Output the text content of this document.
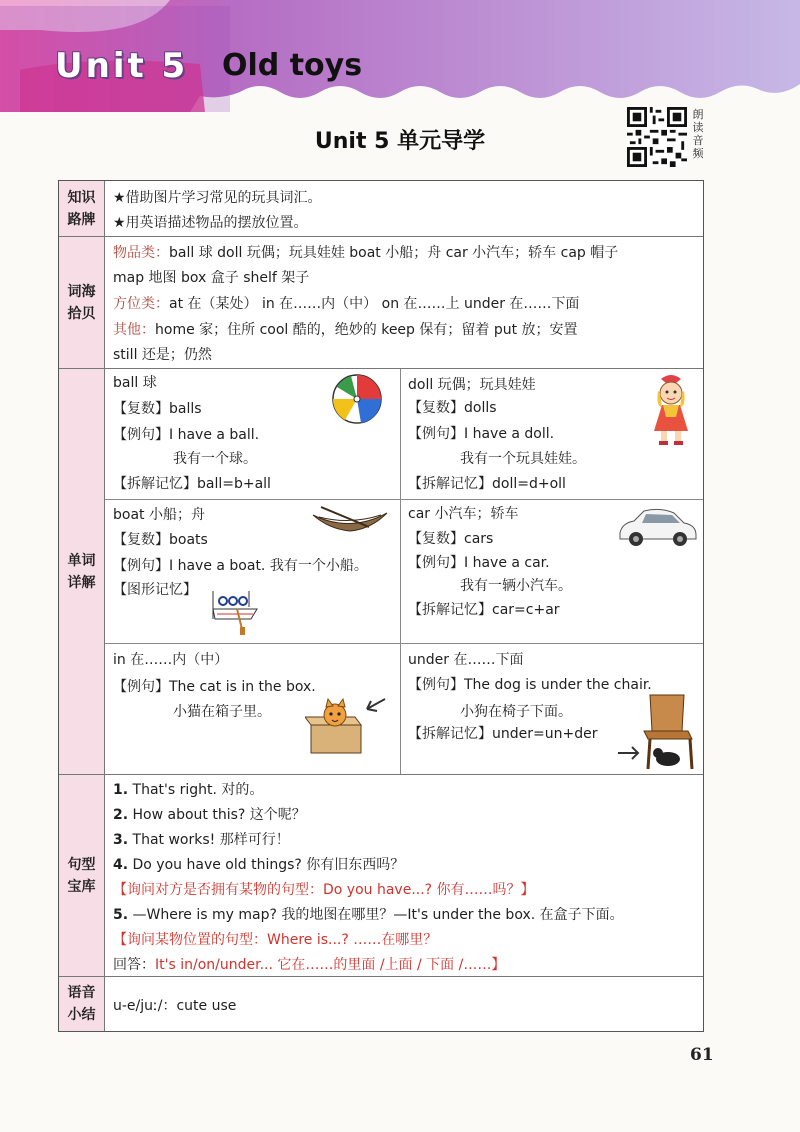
Unit 5 Old toys
Unit 5 单元导学
朗
读
音
频
知识
路牌
★借助图片学习常见的玩具词汇。
★用英语描述物品的摆放位置。
词海
拾贝
物品类：ball 球 doll 玩偶；玩具娃娃 boat 小船；舟 car 小汽车；轿车 cap 帽子
map 地图 box 盒子 shelf 架子
方位类：at 在（某处） in 在……内（中） on 在……上 under 在……下面
其他：home 家；住所 cool 酷的，绝妙的 keep 保有；留着 put 放；安置
still 还是；仍然
单词
详解
ball 球
【复数】balls
【例句】I have a ball.
我有一个球。
【拆解记忆】ball=b+all
doll 玩偶；玩具娃娃
【复数】dolls
【例句】I have a doll.
我有一个玩具娃娃。
【拆解记忆】doll=d+oll
boat 小船；舟
【复数】boats
【例句】I have a boat. 我有一个小船。
【图形记忆】
car 小汽车；轿车
【复数】cars
【例句】I have a car.
我有一辆小汽车。
【拆解记忆】car=c+ar
in 在……内（中）
【例句】The cat is in the box.
小猫在箱子里。
under 在……下面
【例句】The dog is under the chair.
小狗在椅子下面。
【拆解记忆】under=un+der
句型
宝库
1. That's right. 对的。
2. How about this? 这个呢？
3. That works! 那样可行！
4. Do you have old things? 你有旧东西吗？
【询问对方是否拥有某物的句型：Do you have...? 你有……吗？】
5. —Where is my map? 我的地图在哪里？—It's under the box. 在盒子下面。
【询问某物位置的句型：Where is...? ……在哪里？
回答：It's in/on/under... 它在……的里面 /上面 / 下面 /……】
语音
小结
u-e/juː/：cute use
61
